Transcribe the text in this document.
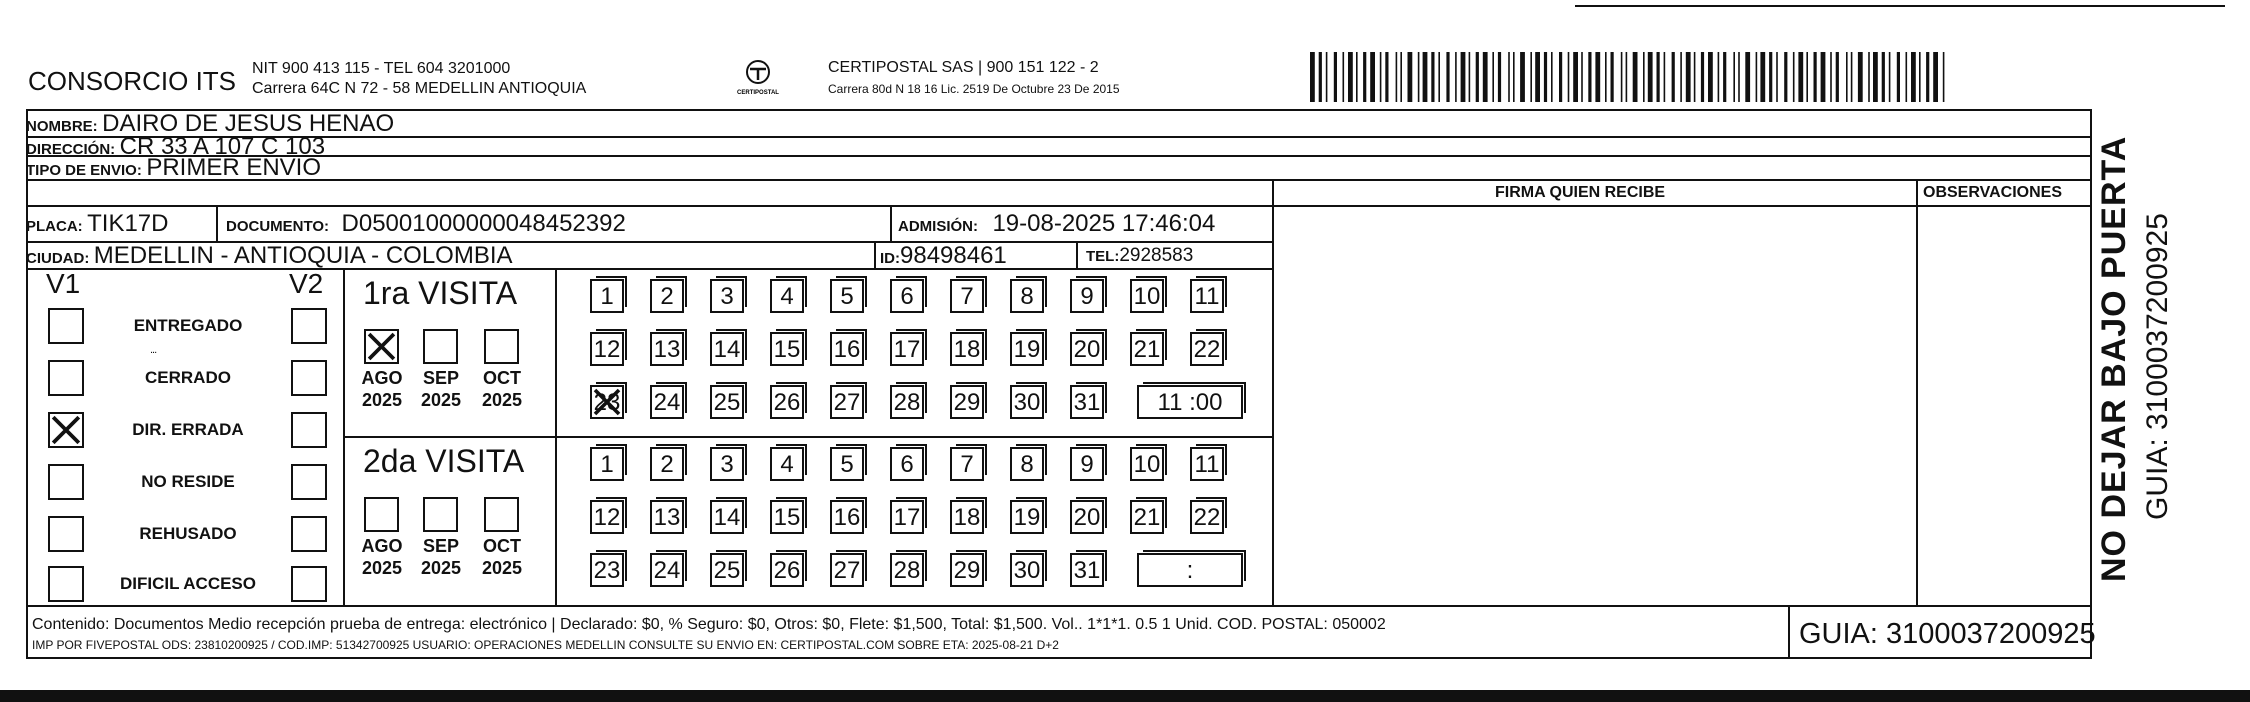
CONSORCIO ITS NIT 900 413 115 - TEL 604 3201000
Carrera 64C N 72 - 58 MEDELLIN ANTIOQUIA	CERTIPOSTAL
CERTIPOSTAL SAS | 900 151 122 - 2
Carrera 80d N 18 16 Lic. 2519 De Octubre 23 De 2015
NOMBRE: DAIRO DE JESUS HENAO
DIRECCIÓN: CR 33 A 107 C 103
TIPO DE ENVIO: PRIMER ENVIO
FIRMA QUIEN RECIBE	OBSERVACIONES
PLACA: TIK17D	DOCUMENTO: D05001000000048452392	ADMISIÓN: 19-08-2025 17:46:04
CIUDAD: MEDELLIN - ANTIOQUIA - COLOMBIA	ID:98498461	TEL:2928583
V1	V2
ENTREGADO
CERRADO
DIR. ERRADA
NO RESIDE
REHUSADO
DIFICIL ACCESO
...
1ra VISITA
2da VISITA
AGO
2025
SEP
2025
OCT
2025
1	2	3	4	5	6	7	8	9	10 11
12 13 14 15 16 17 18 19 20 21 22
23 24 25 26 27 28 29 30 31	11 :00
AGO
2025
SEP
2025
OCT
2025
1	2	3	4	5	6	7	8	9	10 11
12 13 14 15 16 17 18 19 20 21 22
23 24 25 26 27 28 29 30 31	:
Contenido: Documentos Medio recepción prueba de entrega: electrónico | Declarado: $0, % Seguro: $0, Otros: $0, Flete: $1,500, Total: $1,500. Vol.. 1*1*1. 0.5 1 Unid. COD. POSTAL: 050002
IMP POR FIVEPOSTAL ODS: 23810200925 / COD.IMP: 51342700925 USUARIO: OPERACIONES MEDELLIN CONSULTE SU ENVIO EN: CERTIPOSTAL.COM SOBRE ETA: 2025-08-21 D+2	GUIA: 3100037200925
NO DEJAR BAJO PUERTA GUIA: 3100037200925
